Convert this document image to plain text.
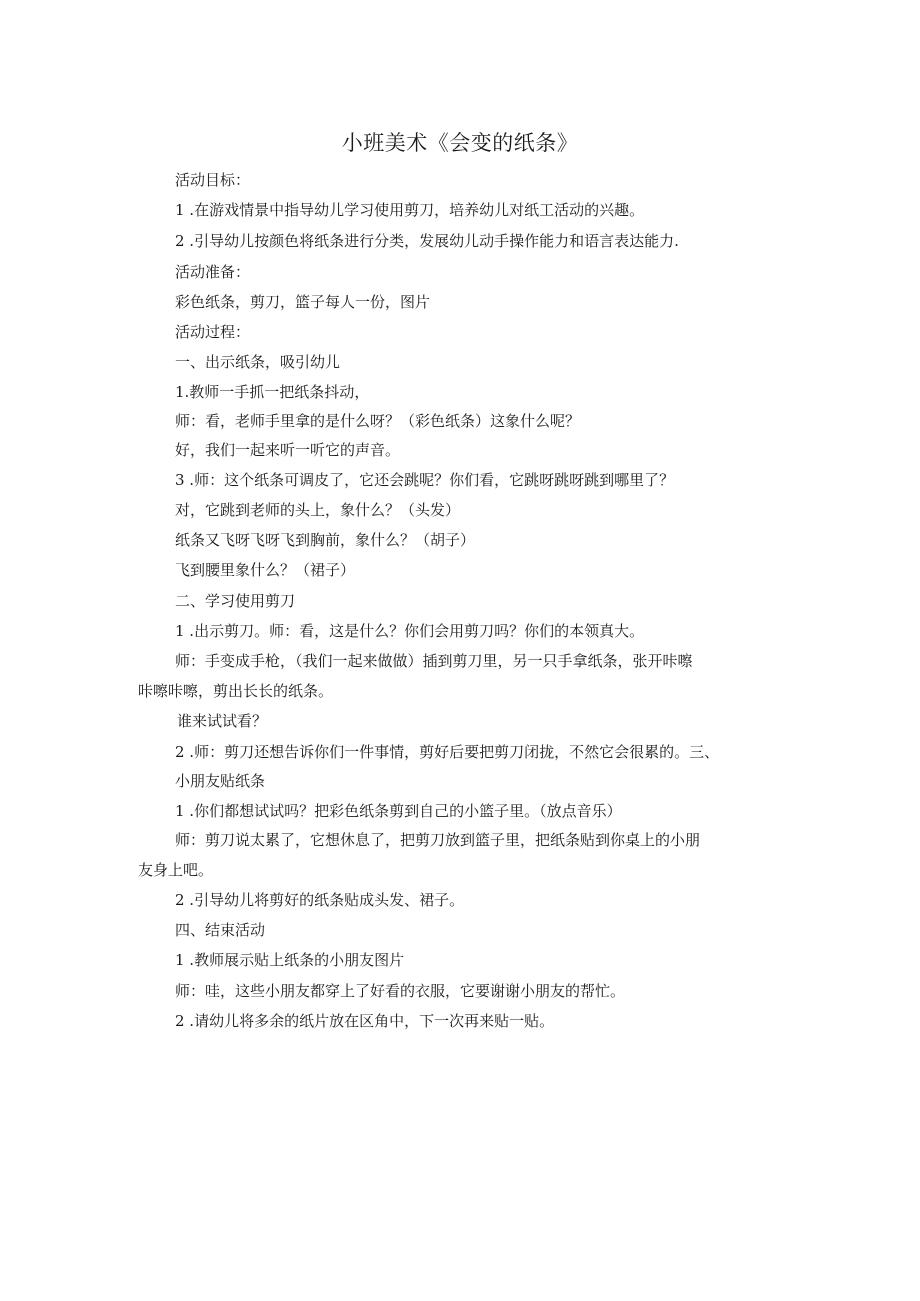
小班美术《会变的纸条》

活动目标：

1 .在游戏情景中指导幼儿学习使用剪刀，培养幼儿对纸工活动的兴趣。

2 .引导幼儿按颜色将纸条进行分类，发展幼儿动手操作能力和语言表达能力.

活动准备：

彩色纸条，剪刀，篮子每人一份，图片

活动过程：

一、出示纸条，吸引幼儿

1.教师一手抓一把纸条抖动，

师：看，老师手里拿的是什么呀？（彩色纸条）这象什么呢？

好，我们一起来听一听它的声音。

3 .师：这个纸条可调皮了，它还会跳呢？你们看，它跳呀跳呀跳到哪里了？

对，它跳到老师的头上，象什么？（头发）

纸条又飞呀飞呀飞到胸前，象什么？（胡子）

飞到腰里象什么？（裙子）

二、学习使用剪刀

1 .出示剪刀。师：看，这是什么？你们会用剪刀吗？你们的本领真大。

师：手变成手枪，（我们一起来做做）插到剪刀里，另一只手拿纸条，张开咔嚓

咔嚓咔嚓，剪出长长的纸条。

谁来试试看？

2 .师：剪刀还想告诉你们一件事情，剪好后要把剪刀闭拢，不然它会很累的。三、

小朋友贴纸条

1 .你们都想试试吗？把彩色纸条剪到自己的小篮子里。（放点音乐）

师：剪刀说太累了，它想休息了，把剪刀放到篮子里，把纸条贴到你桌上的小朋

友身上吧。

2 .引导幼儿将剪好的纸条贴成头发、裙子。

四、结束活动

1 .教师展示贴上纸条的小朋友图片

师：哇，这些小朋友都穿上了好看的衣服，它要谢谢小朋友的帮忙。

2 .请幼儿将多余的纸片放在区角中，下一次再来贴一贴。
